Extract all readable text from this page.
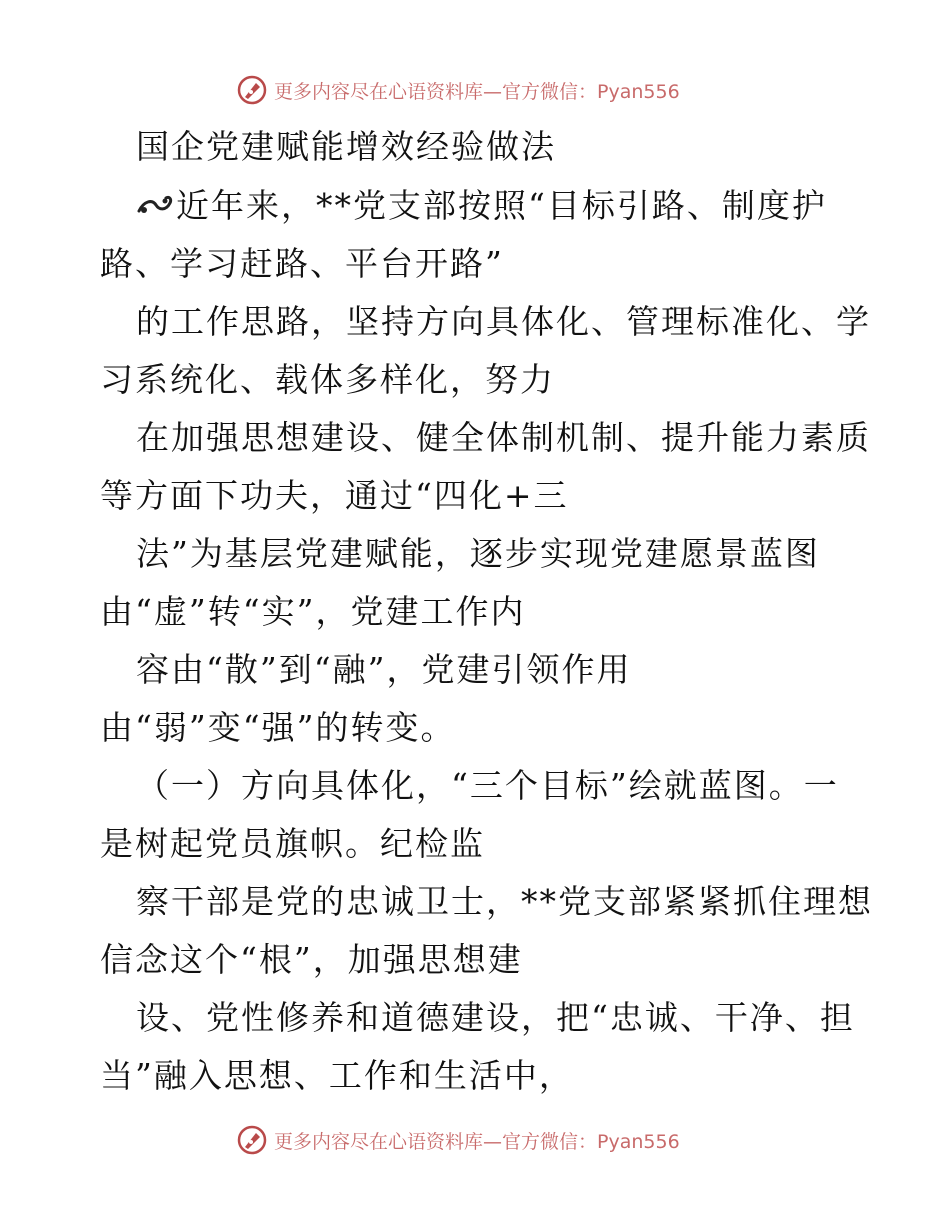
更多内容尽在心语资料库—官方微信：Pyan556
国企党建赋能增效经验做法
近年来，**党支部按照“目标引路、制度护
路、学习赶路、平台开路”
的工作思路，坚持方向具体化、管理标准化、学
习系统化、载体多样化，努力
在加强思想建设、健全体制机制、提升能力素质
等方面下功夫，通过“四化+三
法”为基层党建赋能，逐步实现党建愿景蓝图
由“虚”转“实”，党建工作内
容由“散”到“融”，党建引领作用
由“弱”变“强”的转变。
（一）方向具体化，“三个目标”绘就蓝图。一
是树起党员旗帜。纪检监
察干部是党的忠诚卫士，**党支部紧紧抓住理想
信念这个“根”，加强思想建
设、党性修养和道德建设，把“忠诚、干净、担
当”融入思想、工作和生活中，
更多内容尽在心语资料库—官方微信：Pyan556
